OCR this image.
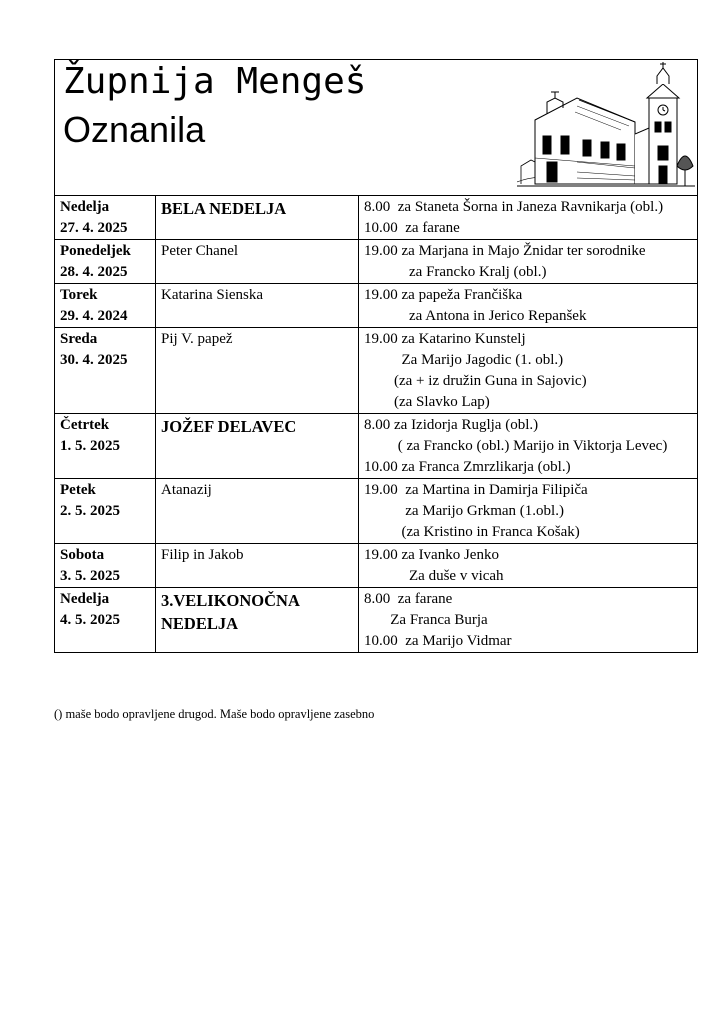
Župnija Mengeš
Oznanila
Nedelja
27. 4. 2025	BELA NEDELJA	8.00  za Staneta Šorna in Janeza Ravnikarja (obl.)
10.00  za farane

Ponedeljek
28. 4. 2025	Peter Chanel	19.00 za Marjana in Majo Žnidar ter sorodnike
za Francko Kralj (obl.)

Torek
29. 4. 2024	Katarina Sienska	19.00 za papeža Frančiška
za Antona in Jerico Repanšek

Sreda
30. 4. 2025	Pij V. papež	19.00 za Katarino Kunstelj
Za Marijo Jagodic (1. obl.)
(za + iz družin Guna in Sajovic)
(za Slavko Lap)

Četrtek
1. 5. 2025	JOŽEF DELAVEC	8.00 za Izidorja Ruglja (obl.)
( za Francko (obl.) Marijo in Viktorja Levec)
10.00 za Franca Zmrzlikarja (obl.)

Petek
2. 5. 2025	Atanazij	19.00  za Martina in Damirja Filipiča
za Marijo Grkman (1.obl.)
(za Kristino in Franca Košak)

Sobota
3. 5. 2025	Filip in Jakob	19.00 za Ivanko Jenko
Za duše v vicah

Nedelja
4. 5. 2025	3.VELIKONOČNA NEDELJA	8.00  za farane
Za Franca Burja
10.00  za Marijo Vidmar
() maše bodo opravljene drugod. Maše bodo opravljene zasebno
